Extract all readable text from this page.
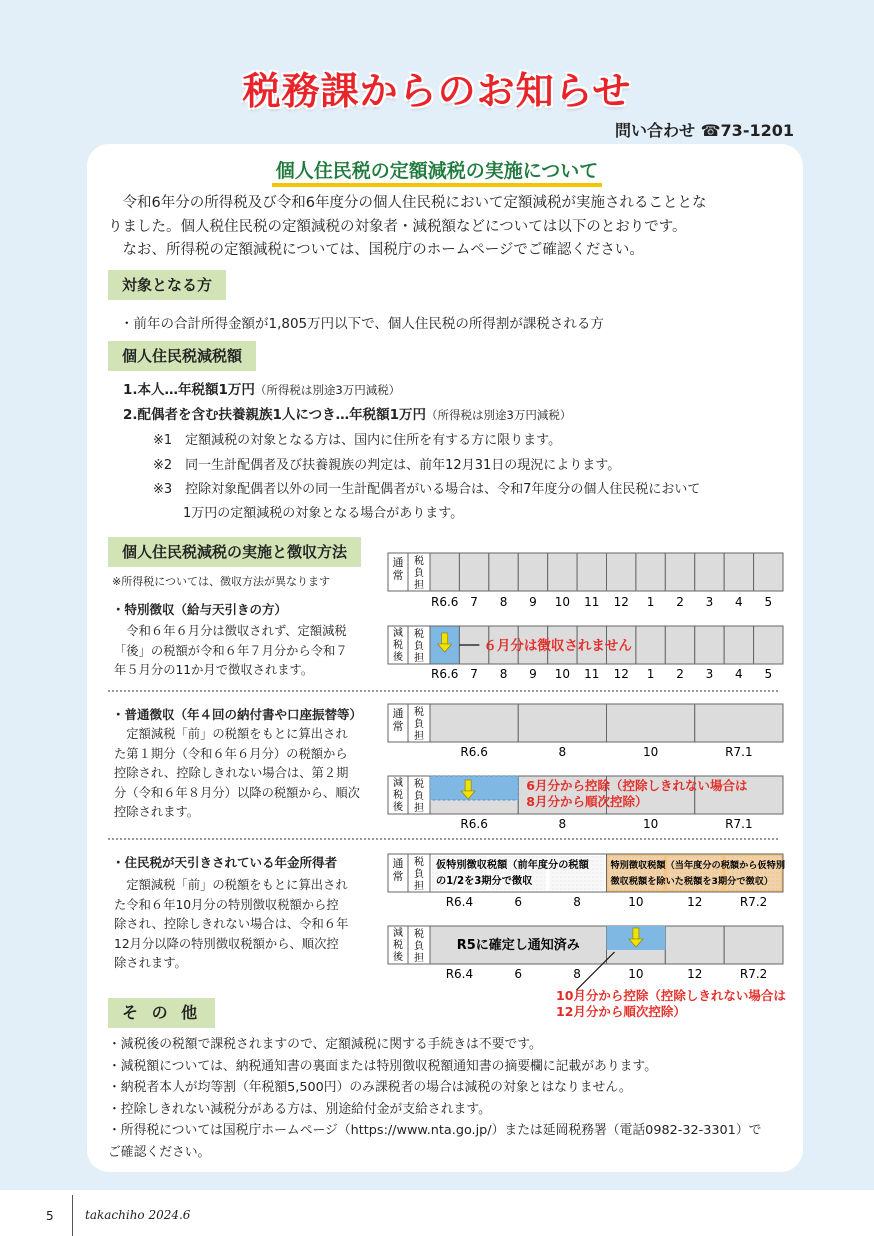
税務課からのお知らせ
問い合わせ ☎73-1201
個人住民税の定額減税の実施について

令和6年分の所得税及び令和6年度分の個人住民税において定額減税が実施されることとな

りました。個人税住民税の定額減税の対象者・減税額などについては以下のとおりです。

なお、所得税の定額減税については、国税庁のホームページでご確認ください。

対象となる方
・前年の合計所得金額が1,805万円以下で、個人住民税の所得割が課税される方
個人住民税減税額
1.本人…年税額1万円（所得税は別途3万円減税）
2.配偶者を含む扶養親族1人につき…年税額1万円（所得税は別途3万円減税）
※1　定額減税の対象となる方は、国内に住所を有する方に限ります。
※2　同一生計配偶者及び扶養親族の判定は、前年12月31日の現況によります。
※3　控除対象配偶者以外の同一生計配偶者がいる場合は、令和7年度分の個人住民税において
1万円の定額減税の対象となる場合があります。
個人住民税減税の実施と徴収方法
※所得税については、徴収方法が異なります
・特別徴収（給与天引きの方）
令和６年６月分は徴収されず、定額減税
「後」の税額が令和６年７月分から令和７
年５月分の11か月で徴収されます。
・普通徴収（年４回の納付書や口座振替等）
定額減税「前」の税額をもとに算出され
た第１期分（令和６年６月分）の税額から
控除され、控除しきれない場合は、第２期
分（令和６年８月分）以降の税額から、順次
控除されます。
・住民税が天引きされている年金所得者
定額減税「前」の税額をもとに算出され
た令和６年10月分の特別徴収税額から控
除され、控除しきれない場合は、令和６年
12月分以降の特別徴収税額から、順次控
除されます。
通常
税負担
減税後
税負担
通常
税負担
減税後
税負担
通常
税負担
減税後
税負担
R6.6
R6.6
7
7
8
8
9
9
10
10
11
11
12
12
1
1
2
2
3
3
4
4
5
5
R6.6
R6.6
8
8
10
10
R7.1
R7.1
R6.4
R6.4
6
6
8
8
10
10
12
12
R7.2
R7.2
６月分は徴収されません
6月分から控除（控除しきれない場合は
8月分から順次控除）
仮特別徴収税額（前年度分の税額
の1/2を3期分で徴収
特別徴収税額（当年度分の税額から仮特別
徴収税額を除いた税額を3期分で徴収）
R5に確定し通知済み
10月分から控除（控除しきれない場合は
12月分から順次控除）
そ の 他
・減税後の税額で課税されますので、定額減税に関する手続きは不要です。
・減税額については、納税通知書の裏面または特別徴収税額通知書の摘要欄に記載があります。
・納税者本人が均等割（年税額5,500円）のみ課税者の場合は減税の対象とはなりません。
・控除しきれない減税分がある方は、別途給付金が支給されます。
・所得税については国税庁ホームページ（https://www.nta.go.jp/）または延岡税務署（電話0982-32-3301）で
ご確認ください。
5	takachiho 2024.6
